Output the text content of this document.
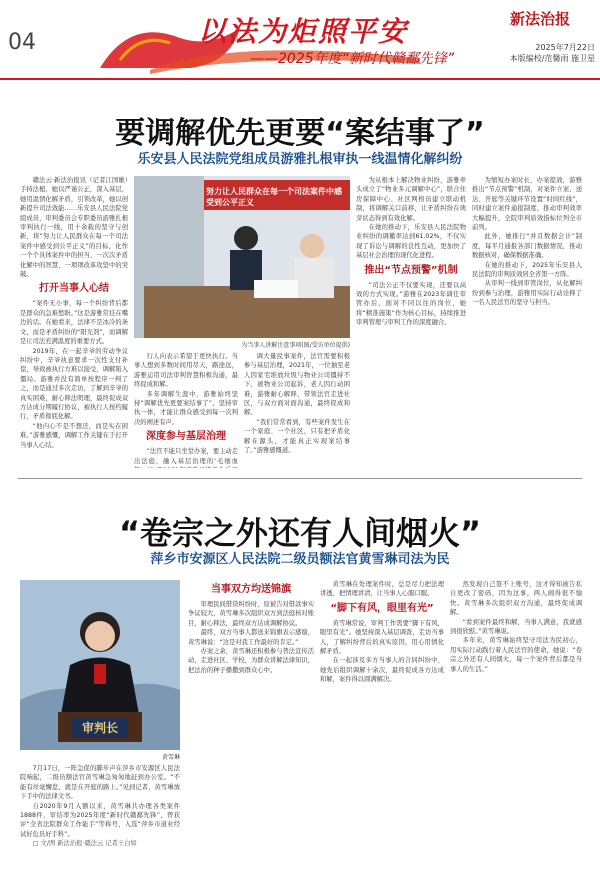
04	以法为炬照平安
——2025年度“新时代赣鄱先锋”
新法治报
2025年7月22日
本版编校/范馨雨 施卫星
要调解优先更要“案结事了”
乐安县人民法院党组成员游雅扎根审执一线温情化解纠纷

赣法云·新法治报讯（记者江国雄）手持法槌，她以严谨公正，深入基层，她用温情化解矛盾，引领改革，她以创新提升司法效能……乐安县人民法院党组成员、审判委员会专职委员游雅扎根审判执行一线，用十余载的坚守与创新，将“努力让人民群众在每一个司法案件中感受到公平正义”的目标，化作一个个具体案件中的担当、一次次矛盾化解中的智慧、一项项改革攻坚中的突破。

打开当事人心结

“案件无小事，每一个纠纷背后都是群众的急难愁盼。”这是游雅常挂在嘴边的话。在她看来，法律不是冰冷的条文，而是矛盾纠纷的“阳光剂”，而调解是让司法充满温度的重要方式。

2019年，在一起辛爷的劳动争议纠纷中，辛爷执意要求一次性支付补偿，导致被执行方难以接受，调解陷入僵局。游雅并没有简单按程序一判了之，而是通过多次走访，了解到辛爷的真实困难，耐心释法明理，最终促成双方达成分期履行协议，被执行人按约履行，矛盾彻底化解。

“他内心不是不想还，而是实在困难。”游雅感慨，调解工作关键在于打开当事人心结。

努力让人民群众在每一个司法案件中感受到公平正义
为当事人讲解注意事项(图/受访单位提供)

行人向表示希望于更快执行。当事人想到多数时间用尽天，路途远，游雅运用司法审判智慧积极沟通，最终促成和解。

多年调解生涯中，游雅始终坚持“调解优先更要案结事了”，坚持审执一体，才能让群众感受到每一次判决的阐述有声。

深度参与基层治理

“法官不能只坐堂办案，要主动走出法庭，融入基层治理的‘毛细血

调大量民事案件，法官需要积极参与基层治理，2021年，一位抽至老人因家宅堆放垃圾与物业公司僵持不下，被物业公司起诉，老人因行动困难，游雅耐心解释，带领法官走进社区，与双方面对面沟通，最终促成和解。

“我们常常看到，有些案件发生在一个家庭、一个社区，只有把矛盾化解在源头，才能真正实现案结事了。”游雅感慨道。

为从根本上解决物业纠纷，游雅牵头成立了“物业多元调解中心”，联合住房保障中心、社区网格员建立联动机制，将调解关口前移，让矛盾纠纷在萌芽状态得到有效化解。

在她的推动下，乐安县人民法院物业纠纷的调撤率达到61.02%，不仅实现了诉讼与调解的良性互动，更加快了基层社会治理的现代化进程。

推出“节点预警”机制

“司法公正不仅要实现，还要以高效的方式实现。”游雅在2023年调任审管办后，面对不同以往的岗位，她将“精准施策”作为核心目标，持续推进审判管理与审判工作的深度融合。

为缩短办案时长，办案提效，游雅推出“节点预警”机制，对案件立案、送达、开庭等关键环节设置“时间红线”，同时建立案件通报制度，推动审判效率大幅提升，全院审判质效指标位列全市前列。

此外，她推行“并且数据会计”制度，每半月通报各部门数据情况，推动数据核对，确保数据准确。

在她的推动下，2025年乐安县人民法院的审判质效居全省第一方阵。

从审判一线到审管岗位，从化解纠纷到参与治理，游雅用实际行动诠释了一名人民法官的坚守与担当。

“卷宗之外还有人间烟火”
萍乡市安源区人民法院二级员额法官黄雪琳司法为民
审判长
黄雪琳

7月17日，一阵急促的脚步声在萍乡市安源区人民法院响起，二级员额法官黄雪琳急匆匆地赶到办公室。“不能有丝毫懈怠，就是在开庭的路上。”见到记者，黄雪琳放下手中的法律文书。

自2020年9月入额以来，黄雪琳共办理各类案件1888件，审结率为2025年度“新时代赣鄱先锋”，曾获评“全省法院群众工作能手”等称号，入选“萍乡市道业经试好危员好手科”。

□ 文/图 新法治报·赣法云 记者王白如

当事双方均送锦旗

审理民间借贷纠纷时，原被告对借款事实争议较大，黄雪琳多次组织双方到法庭核对账目，耐心释法，最终双方达成调解协议。

最终，双方当事人都送来锦旗表示感谢，黄雪琳说：“这是对我工作最好的肯定。”

办案之余，黄雪琳还积极参与普法宣传活动，走进社区、学校，为群众讲解法律知识，把法治的种子播撒到群众心中。

黄雪琳在处理案件时，总是尽力把法理讲透，把情理讲清，让当事人心服口服。

“脚下有风，眼里有光”

黄雪琳常说，审判工作需要“脚下有风，眼里有光”。她坚持深入基层调查，走访当事人，了解纠纷背后的真实原因，用心用情化解矛盾。

在一起涉及多方当事人的合同纠纷中，她先后组织调解十余次，最终促成各方达成和解，案件得以圆满解决。

然发现自己签不上账号，这才得知被告私自更改了密码，因为这事，两人闹得很不愉快。黄雪琳多次组织双方沟通，最终促成调解。

“看到案件最终和解，当事人满意，我就感到很欣慰。”黄雪琳说。

多年来，黄雪琳始终坚守司法为民初心，用实际行动践行着人民法官的使命，她说：“卷宗之外还有人间烟火，每一个案件背后都是当事人的生活。”
